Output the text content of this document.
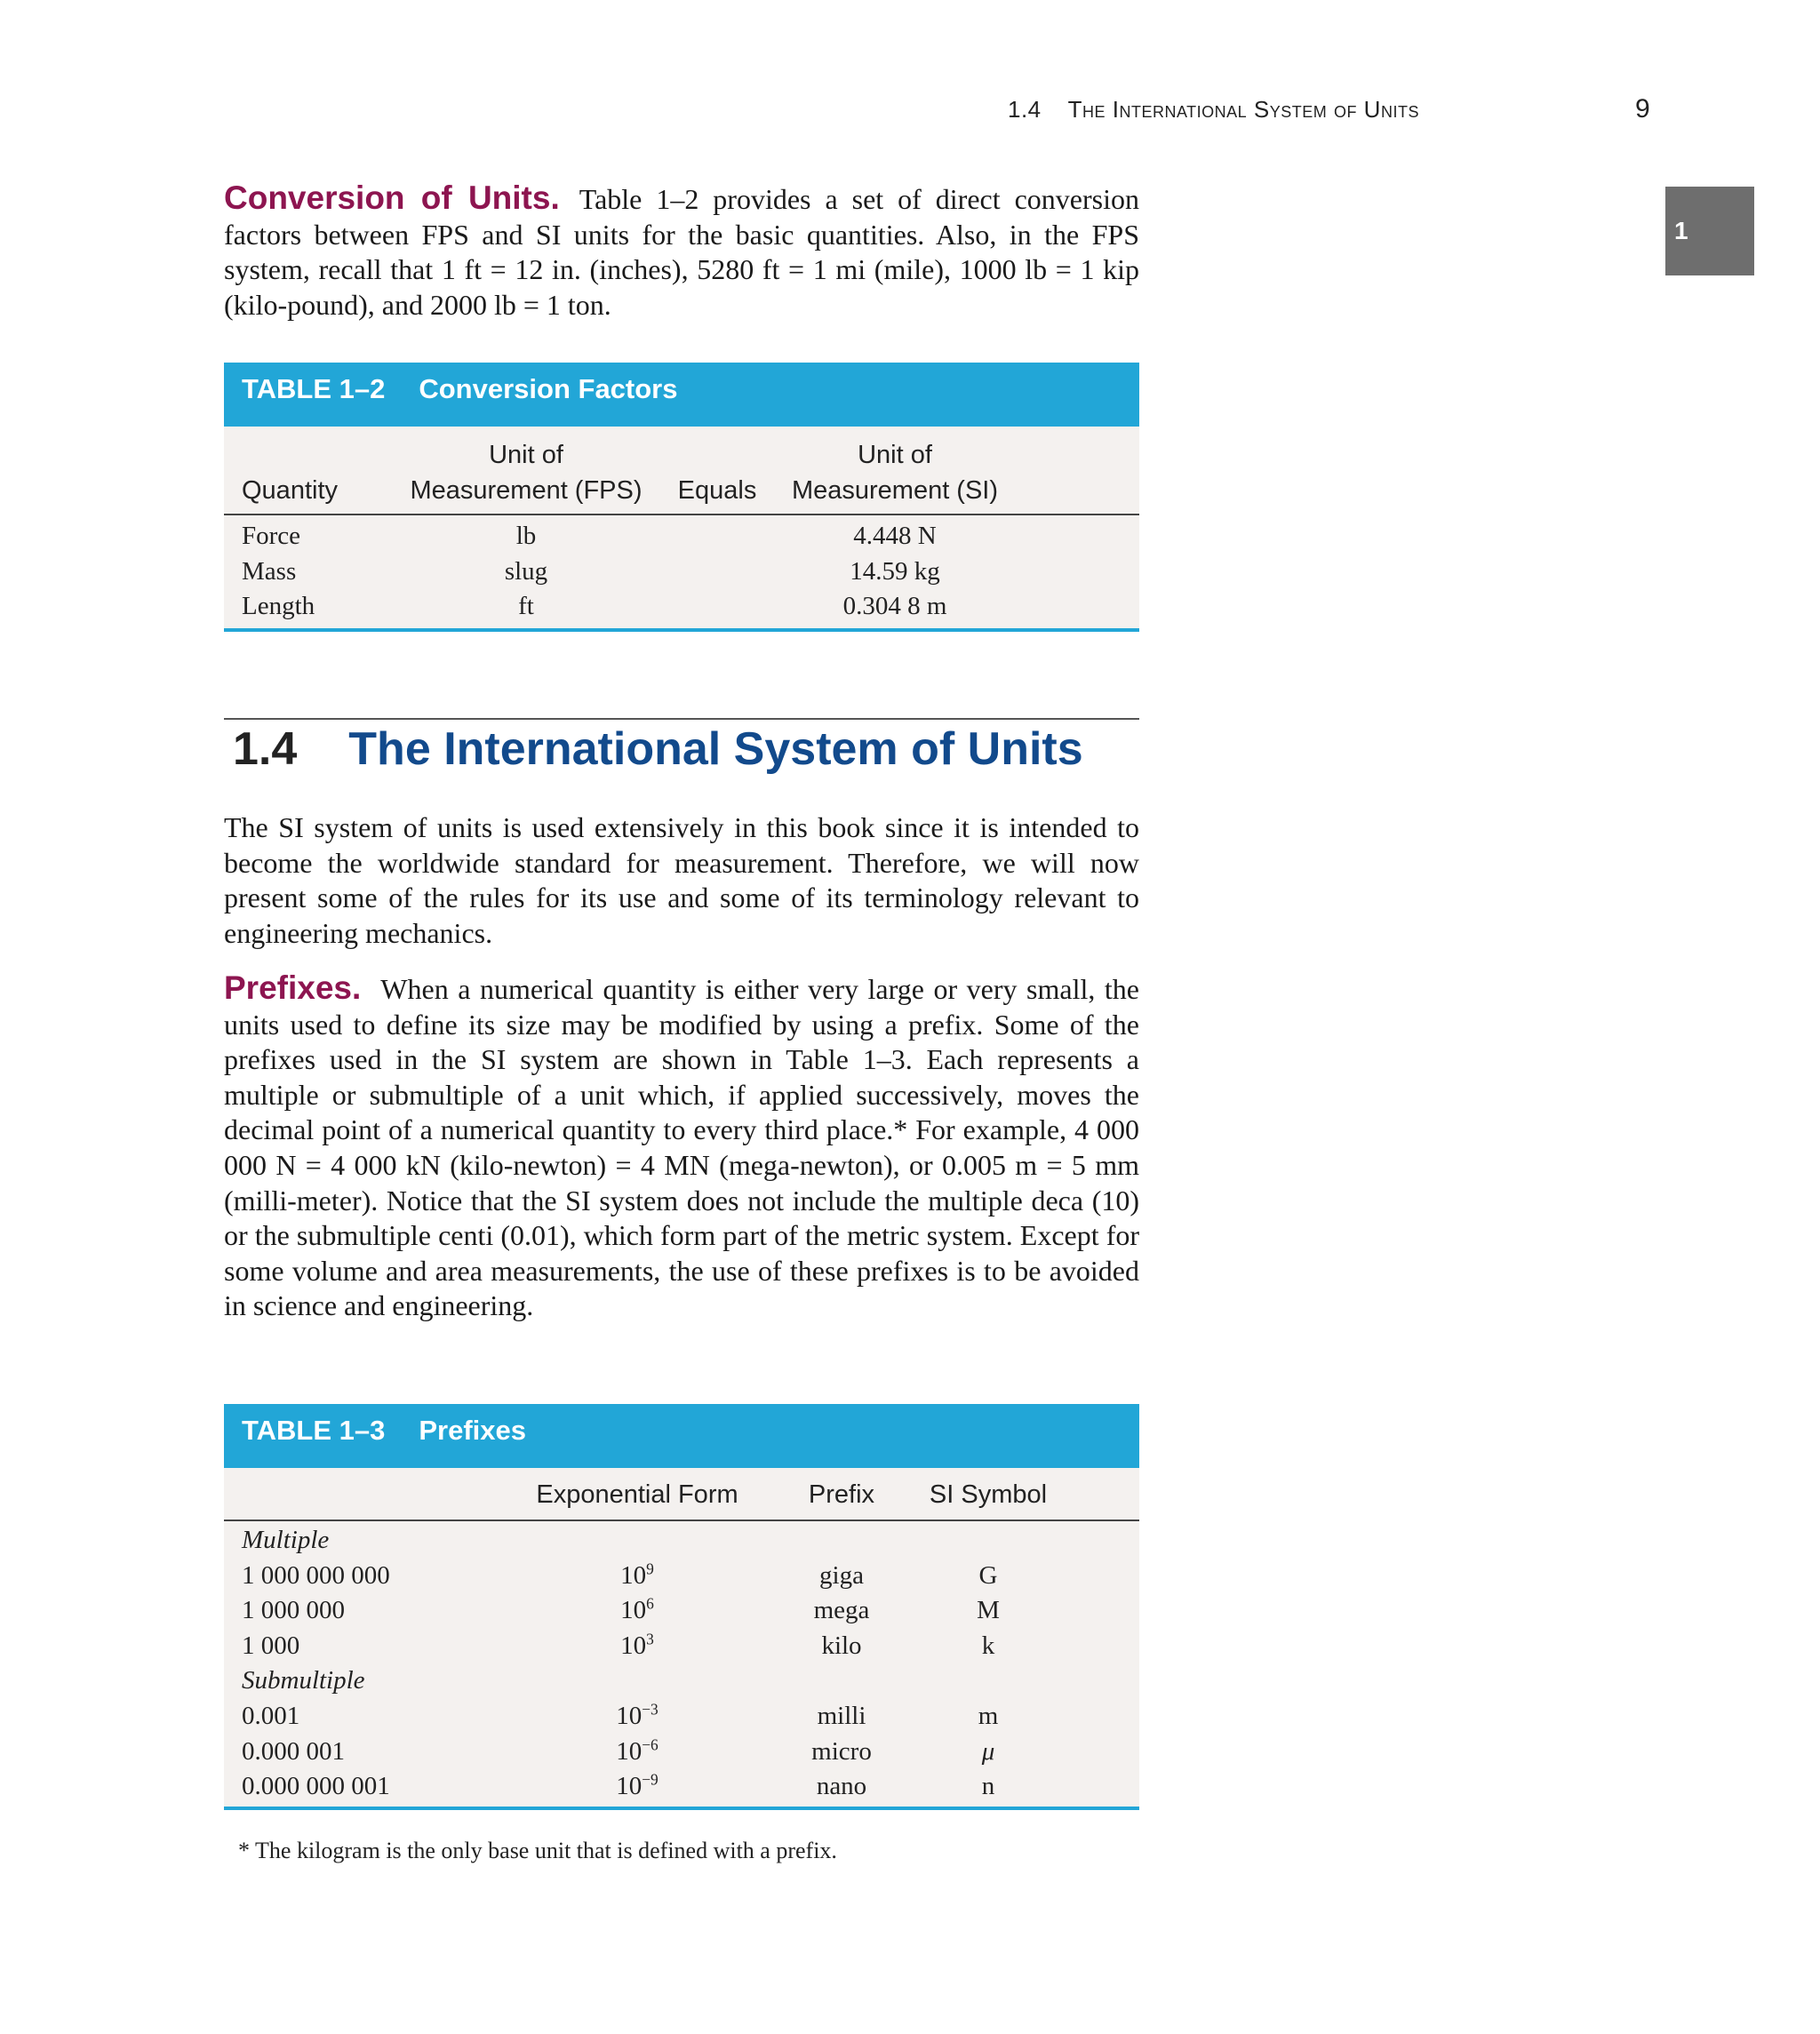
1.4 The International System of Units	9
1

Conversion of Units. Table 1–2 provides a set of direct conversion factors between FPS and SI units for the basic quantities. Also, in the FPS system, recall that 1 ft = 12 in. (inches), 5280 ft = 1 mi (mile), 1000 lb = 1 kip (kilo-pound), and 2000 lb = 1 ton.

TABLE 1–2 Conversion Factors
	Unit of		Unit of	
Quantity	Measurement (FPS)	Equals	Measurement (SI)	
Force	lb		4.448 N	
Mass	slug		14.59 kg	
Length	ft		0.304 8 m	
1.4 The International System of Units

The SI system of units is used extensively in this book since it is intended to become the worldwide standard for measurement. Therefore, we will now present some of the rules for its use and some of its terminology relevant to engineering mechanics.

Prefixes. When a numerical quantity is either very large or very small, the units used to define its size may be modified by using a prefix. Some of the prefixes used in the SI system are shown in Table 1–3. Each represents a multiple or submultiple of a unit which, if applied successively, moves the decimal point of a numerical quantity to every third place.* For example, 4 000 000 N = 4 000 kN (kilo-newton) = 4 MN (mega-newton), or 0.005 m = 5 mm (milli-meter). Notice that the SI system does not include the multiple deca (10) or the submultiple centi (0.01), which form part of the metric system. Except for some volume and area measurements, the use of these prefixes is to be avoided in science and engineering.

TABLE 1–3 Prefixes
	Exponential Form	Prefix	SI Symbol	
Multiple				
1 000 000 000	$10^9$	giga	G	
1 000 000	$10^6$	mega	M	
1 000	$10^3$	kilo	k	
Submultiple				
0.001	$10^{-3}$	milli	m	
0.000 001	$10^{-6}$	micro	μ	
0.000 000 001	$10^{-9}$	nano	n	
* The kilogram is the only base unit that is defined with a prefix.
